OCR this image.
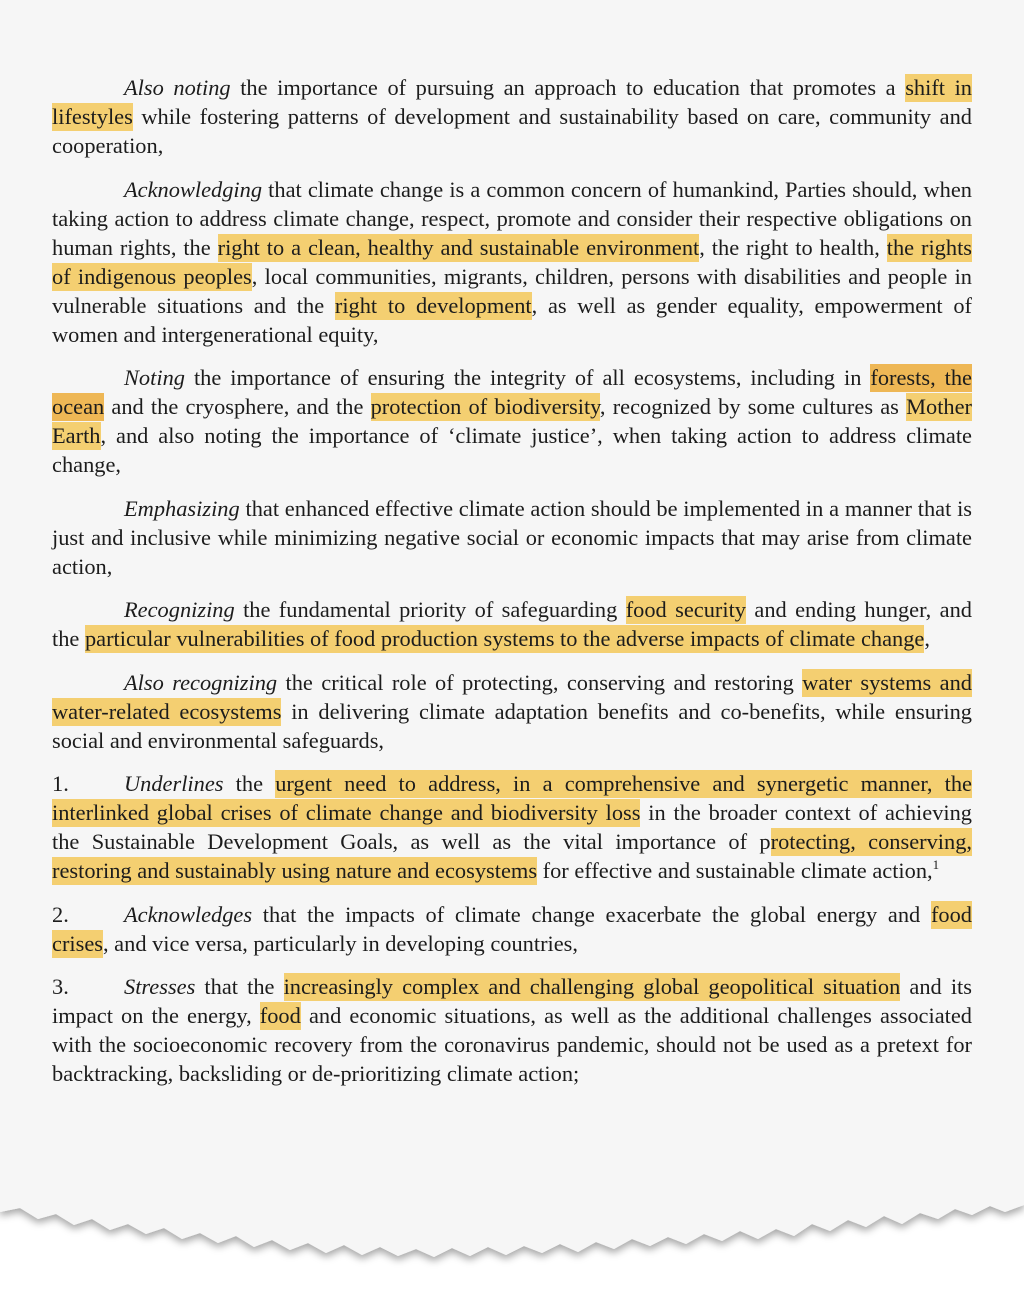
Also noting the importance of pursuing an approach to education that promotes a shift in lifestyles while fostering patterns of development and sustainability based on care, community and cooperation,

Acknowledging that climate change is a common concern of humankind, Parties should, when taking action to address climate change, respect, promote and consider their respective obligations on human rights, the right to a clean, healthy and sustainable environment, the right to health, the rights of indigenous peoples, local communities, migrants, children, persons with disabilities and people in vulnerable situations and the right to development, as well as gender equality, empowerment of women and intergenerational equity,

Noting the importance of ensuring the integrity of all ecosystems, including in forests, the ocean and the cryosphere, and the protection of biodiversity, recognized by some cultures as Mother Earth, and also noting the importance of ‘climate justice’, when taking action to address climate change,

Emphasizing that enhanced effective climate action should be implemented in a manner that is just and inclusive while minimizing negative social or economic impacts that may arise from climate action,

Recognizing the fundamental priority of safeguarding food security and ending hunger, and the particular vulnerabilities of food production systems to the adverse impacts of climate change,

Also recognizing the critical role of protecting, conserving and restoring water systems and water-related ecosystems in delivering climate adaptation benefits and co-benefits, while ensuring social and environmental safeguards,

1. Underlines the urgent need to address, in a comprehensive and synergetic manner, the interlinked global crises of climate change and biodiversity loss in the broader context of achieving the Sustainable Development Goals, as well as the vital importance of protecting, conserving, restoring and sustainably using nature and ecosystems for effective and sustainable climate action,$^1$

2. Acknowledges that the impacts of climate change exacerbate the global energy and food crises, and vice versa, particularly in developing countries,

3. Stresses that the increasingly complex and challenging global geopolitical situation and its impact on the energy, food and economic situations, as well as the additional challenges associated with the socioeconomic recovery from the coronavirus pandemic, should not be used as a pretext for backtracking, backsliding or de-prioritizing climate action;
